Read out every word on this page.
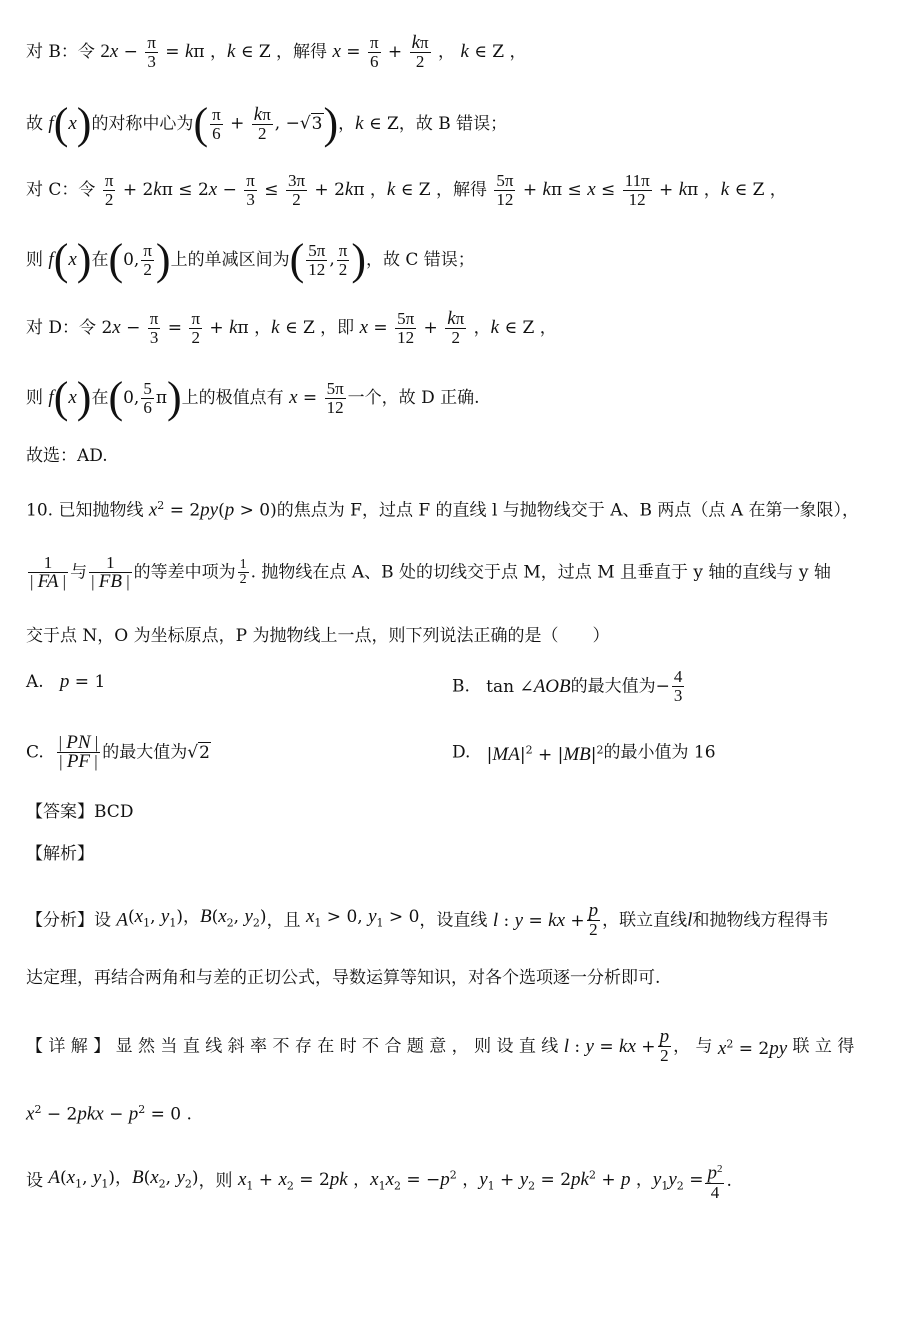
对 B：令 $2x - \frac{\pi}{3} = k\pi$ ，k ∈ Z ，解得 $x = \frac{\pi}{6} + \frac{k\pi}{2}$ ， k ∈ Z ，
故 f(x)的对称中心为( $\frac{\pi}{6} + \frac{k\pi}{2}$ , −√3)，k ∈ Z，故 B 错误；
对 C：令 $\frac{\pi}{2} + 2k\pi \le 2x - \frac{\pi}{3} \le \frac{3\pi}{2} + 2k\pi$ ，k ∈ Z ，解得 $\frac{5\pi}{12} + k\pi \le x \le \frac{11\pi}{12} + k\pi$ ，k ∈ Z ，
则 f(x)在(0, $\frac{\pi}{2}$ )上的单减区间为( $\frac{5\pi}{12}$ , $\frac{\pi}{2}$ )，故 C 错误；
对 D：令 $2x - \frac{\pi}{3} = \frac{\pi}{2} + k\pi$ ，k ∈ Z ，即 $x = \frac{5\pi}{12} + \frac{k\pi}{2}$ ，k ∈ Z ，
则 f(x)在(0, $\frac{5}{6} \pi$)上的极值点有 $x = \frac{5\pi}{12}$ 一个，故 D 正确.
故选：AD.
10. 已知抛物线 $x^2 = 2py(p > 0)$的焦点为 F，过点 F 的直线 l 与抛物线交于 A、B 两点（点 A 在第一象限），
$\frac{1}{| FA |}$ 与 $\frac{1}{| FB |}$ 的等差中项为 $\frac{1}{2}$ . 抛物线在点 A、B 处的切线交于点 M，过点 M 且垂直于 y 轴的直线与 y 轴
交于点 N，O 为坐标原点，P 为抛物线上一点，则下列说法正确的是（　　）
A. p = 1	B. tan ∠AOB的最大值为− $\frac{4}{3}$
C. $\frac{| PN |}{| PF |}$ 的最大值为√2	D. $|MA|^2 + |MB|^2$的最小值为 16
【答案】BCD
【解析】
【分析】设 $A(x_1$, $y_1$)，$B(x_2$, $y_2$)，且 $x_1 > 0$, $y_1 > 0$，设直线 l : y = kx + $\frac{p}{2}$ ，联立直线l和抛物线方程得韦
达定理，再结合两角和与差的正切公式，导数运算等知识，对各个选项逐一分析即可.
【 详 解 】 显 然 当 直 线 斜 率 不 存 在 时 不 合 题 意 ， 则 设 直 线 l : y = kx + $\frac{p}{2}$ ， 与 $x^2 = 2py$ 联 立 得
$x^2 - 2pkx - p^2 = 0$ .
设 $A(x_1$, $y_1$)，$B(x_2$, $y_2$)，则 $x_1 + x_2 = 2pk$ ，$x_1x_2 = -p^2$ ，$y_1 + y_2 = 2pk^2 + p$ ，$y_1y_2 = \frac{p^2}{4}$ .
